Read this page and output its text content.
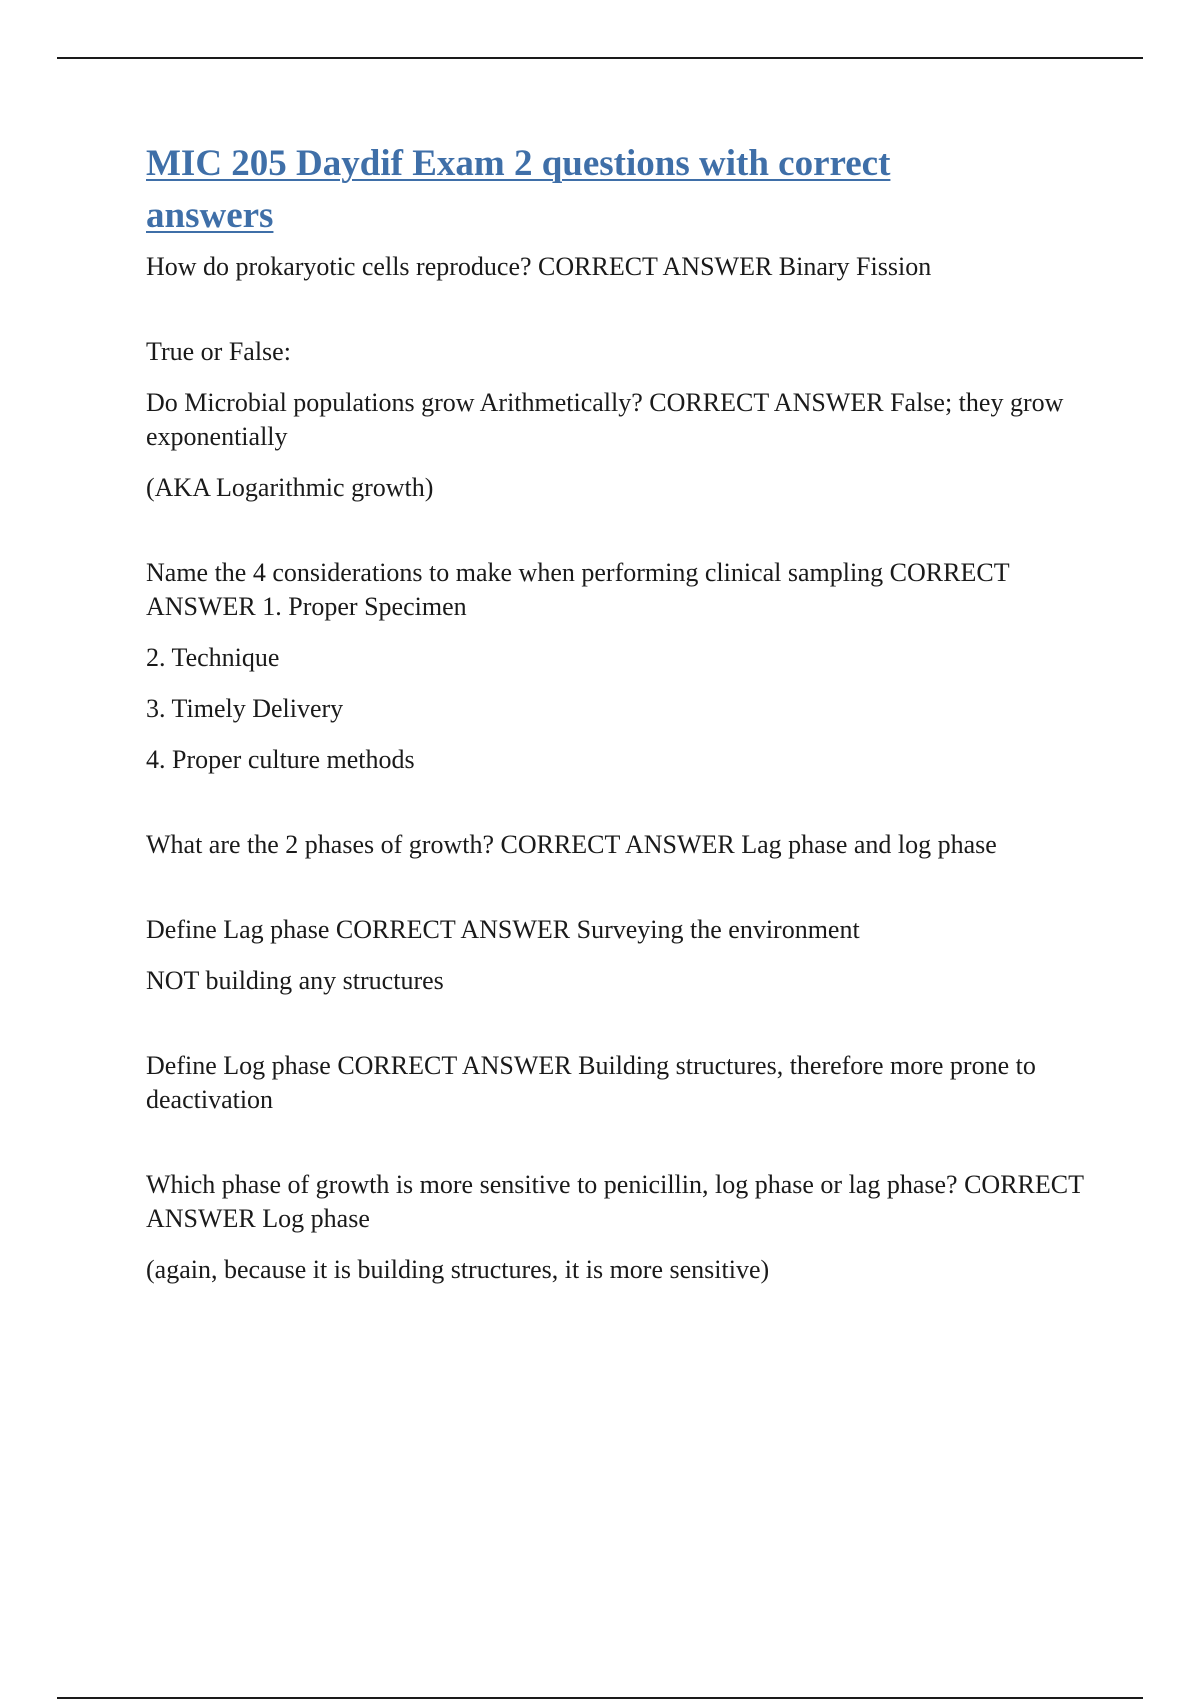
MIC 205 Daydif Exam 2 questions with correct answers

How do prokaryotic cells reproduce? CORRECT ANSWER Binary Fission

True or False:

Do Microbial populations grow Arithmetically? CORRECT ANSWER False; they grow exponentially

(AKA Logarithmic growth)

Name the 4 considerations to make when performing clinical sampling CORRECT ANSWER 1. Proper Specimen

2. Technique

3. Timely Delivery

4. Proper culture methods

What are the 2 phases of growth? CORRECT ANSWER Lag phase and log phase

Define Lag phase CORRECT ANSWER Surveying the environment

NOT building any structures

Define Log phase CORRECT ANSWER Building structures, therefore more prone to deactivation

Which phase of growth is more sensitive to penicillin, log phase or lag phase? CORRECT ANSWER Log phase

(again, because it is building structures, it is more sensitive)
